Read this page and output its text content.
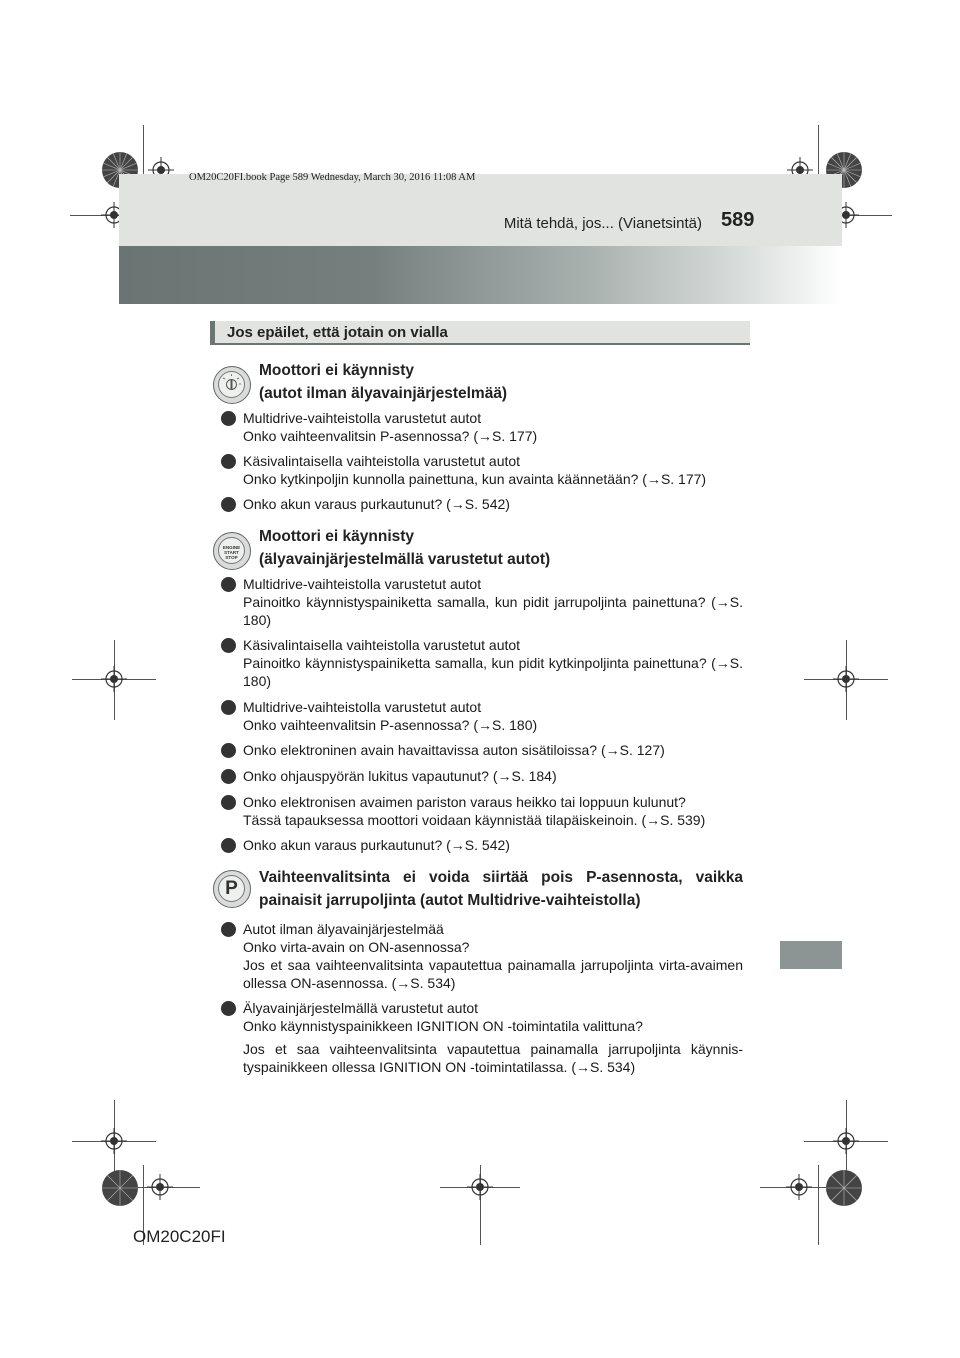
OM20C20FI.book Page 589 Wednesday, March 30, 2016 11:08 AM
Mitä tehdä, jos... (Vianetsintä) 589
Jos epäilet, että jotain on vialla
Moottori ei käynnisty
(autot ilman älyavainjärjestelmää)
Multidrive-vaihteistolla varustetut autot
Onko vaihteenvalitsin P-asennossa? (→S. 177)
Käsivalintaisella vaihteistolla varustetut autot
Onko kytkinpoljin kunnolla painettuna, kun avainta käännetään? (→S. 177)
Onko akun varaus purkautunut? (→S. 542)
ENGINE
START
STOP
Moottori ei käynnisty
(älyavainjärjestelmällä varustetut autot)
Multidrive-vaihteistolla varustetut autot
Painoitko käynnistyspainiketta samalla, kun pidit jarrupoljinta painettuna? (→S. 180)
Käsivalintaisella vaihteistolla varustetut autot
Painoitko käynnistyspainiketta samalla, kun pidit kytkinpoljinta painettuna? (→S. 180)
Multidrive-vaihteistolla varustetut autot
Onko vaihteenvalitsin P-asennossa? (→S. 180)
Onko elektroninen avain havaittavissa auton sisätiloissa? (→S. 127)
Onko ohjauspyörän lukitus vapautunut? (→S. 184)
Onko elektronisen avaimen pariston varaus heikko tai loppuun kulunut?
Tässä tapauksessa moottori voidaan käynnistää tilapäiskeinoin. (→S. 539)
Onko akun varaus purkautunut? (→S. 542)
P
Vaihteenvalitsinta ei voida siirtää pois P-asennosta, vaikka painaisit jarrupoljinta (autot Multidrive-vaihteistolla)
Autot ilman älyavainjärjestelmää
Onko virta-avain on ON-asennossa?
Jos et saa vaihteenvalitsinta vapautettua painamalla jarrupoljinta virta-avaimen ollessa ON-asennossa. (→S. 534)
Älyavainjärjestelmällä varustetut autot
Onko käynnistyspainikkeen IGNITION ON -toimintatila valittuna?
Jos et saa vaihteenvalitsinta vapautettua painamalla jarrupoljinta käynnis-tyspainikkeen ollessa IGNITION ON -toimintatilassa. (→S. 534)
OM20C20FI
